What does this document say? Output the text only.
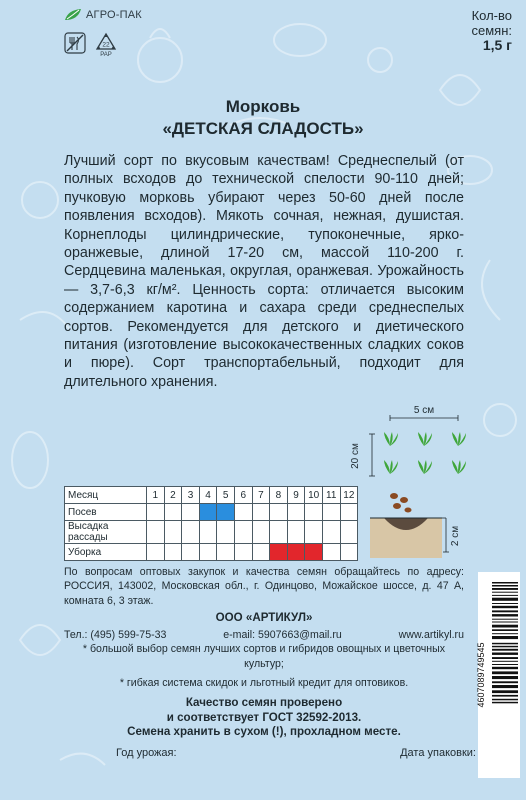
АГРО-ПАК
22
PAP
Кол-во
семян:
1,5 г
Морковь
«ДЕТСКАЯ СЛАДОСТЬ»
Лучший сорт по вкусовым качествам! Среднеспелый (от полных всходов до технической спелости 90-110 дней; пучковую морковь убирают через 50-60 дней после появления всходов). Мякоть сочная, нежная, душистая. Корнеплоды цилиндрические, тупоконечные, ярко-оранжевые, длиной 17-20 см, массой 110-200 г. Сердцевина маленькая, округлая, оранжевая. Урожайность — 3,7-6,3 кг/м². Ценность сорта: отличается высоким содержанием каротина и сахара среди среднеспелых сортов. Рекомендуется для детского и диетического питания (изготовление высококачественных сладких соков и пюре). Сорт транспортабельный, подходит для длительного хранения.
5 см
20 см
Месяц	1	2	3	4	5	6	7	8	9	10	11	12
Посев												
Высадка рассады												
Уборка												
2 см
По вопросам оптовых закупок и качества семян обращайтесь по адресу: РОССИЯ, 143002, Московская обл., г. Одинцово, Можайское шоссе, д. 47 А, комната 6, 3 этаж.
ООО «АРТИКУЛ»
Тел.: (495) 599-75-33	e-mail: 5907663@mail.ru	www.artikyl.ru
* большой выбор семян лучших сортов и гибридов овощных и цветочных культур;
* гибкая система скидок и льготный кредит для оптовиков.
Качество семян проверено
и соответствует ГОСТ 32592-2013.
Семена хранить в сухом (!), прохладном месте.
4607089749545
Год урожая:	Дата упаковки:
